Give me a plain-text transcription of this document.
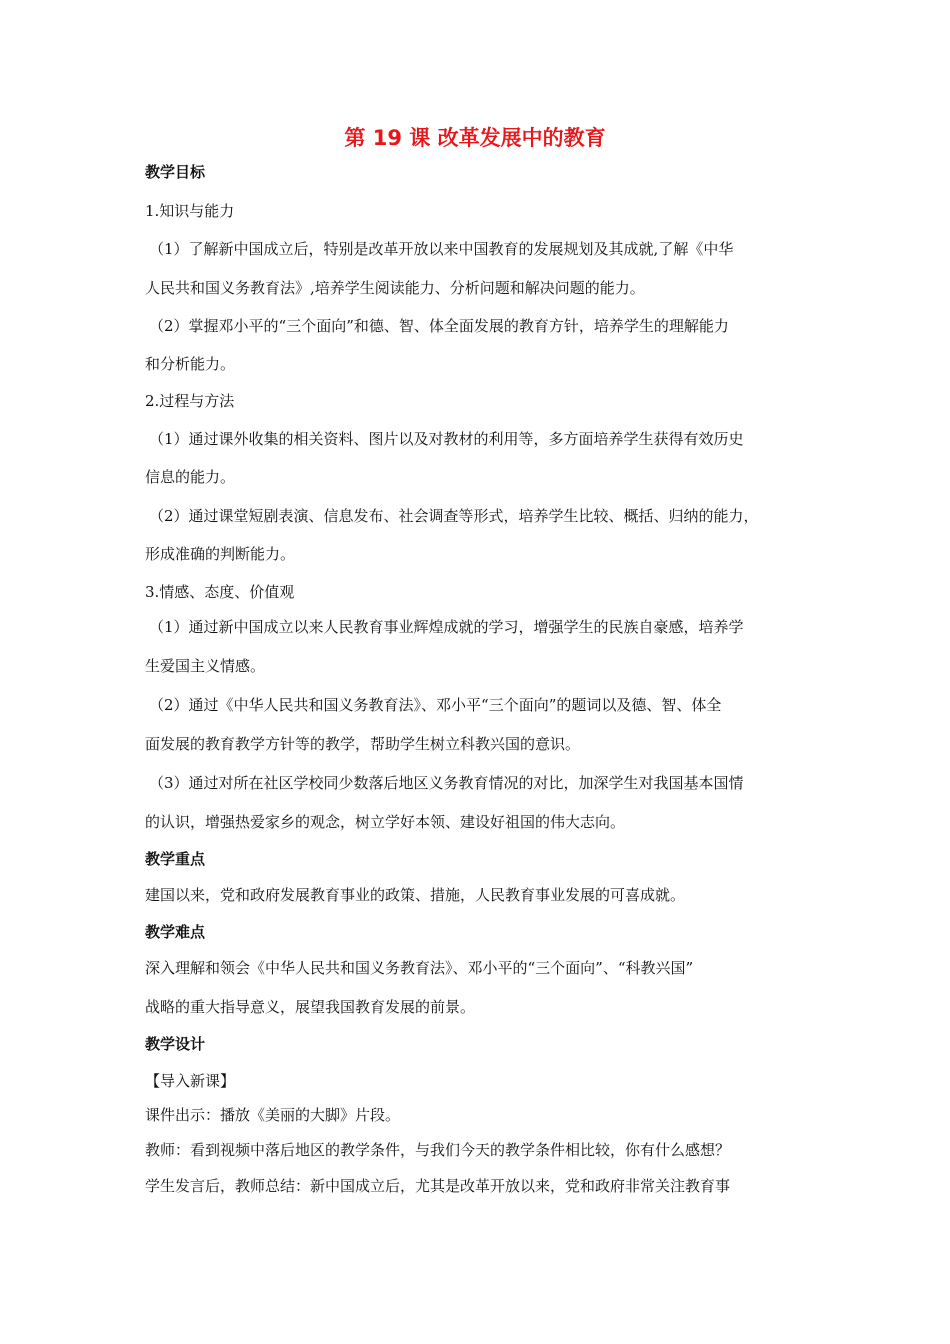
第 19 课 改革发展中的教育
教学目标
1.知识与能力
（1）了解新中国成立后，特别是改革开放以来中国教育的发展规划及其成就,了解《中华
人民共和国义务教育法》,培养学生阅读能力、分析问题和解决问题的能力。
（2）掌握邓小平的“三个面向”和德、智、体全面发展的教育方针，培养学生的理解能力
和分析能力。
2.过程与方法
（1）通过课外收集的相关资料、图片以及对教材的利用等，多方面培养学生获得有效历史
信息的能力。
（2）通过课堂短剧表演、信息发布、社会调查等形式，培养学生比较、概括、归纳的能力，
形成准确的判断能力。
3.情感、态度、价值观
（1）通过新中国成立以来人民教育事业辉煌成就的学习，增强学生的民族自豪感，培养学
生爱国主义情感。
（2）通过《中华人民共和国义务教育法》、邓小平“三个面向”的题词以及德、智、体全
面发展的教育教学方针等的教学，帮助学生树立科教兴国的意识。
（3）通过对所在社区学校同少数落后地区义务教育情况的对比，加深学生对我国基本国情
的认识，增强热爱家乡的观念，树立学好本领、建设好祖国的伟大志向。
教学重点
建国以来，党和政府发展教育事业的政策、措施，人民教育事业发展的可喜成就。
教学难点
深入理解和领会《中华人民共和国义务教育法》、邓小平的“三个面向”、“科教兴国”
战略的重大指导意义，展望我国教育发展的前景。
教学设计
【导入新课】
课件出示：播放《美丽的大脚》片段。
教师：看到视频中落后地区的教学条件，与我们今天的教学条件相比较，你有什么感想？
学生发言后，教师总结：新中国成立后，尤其是改革开放以来，党和政府非常关注教育事
